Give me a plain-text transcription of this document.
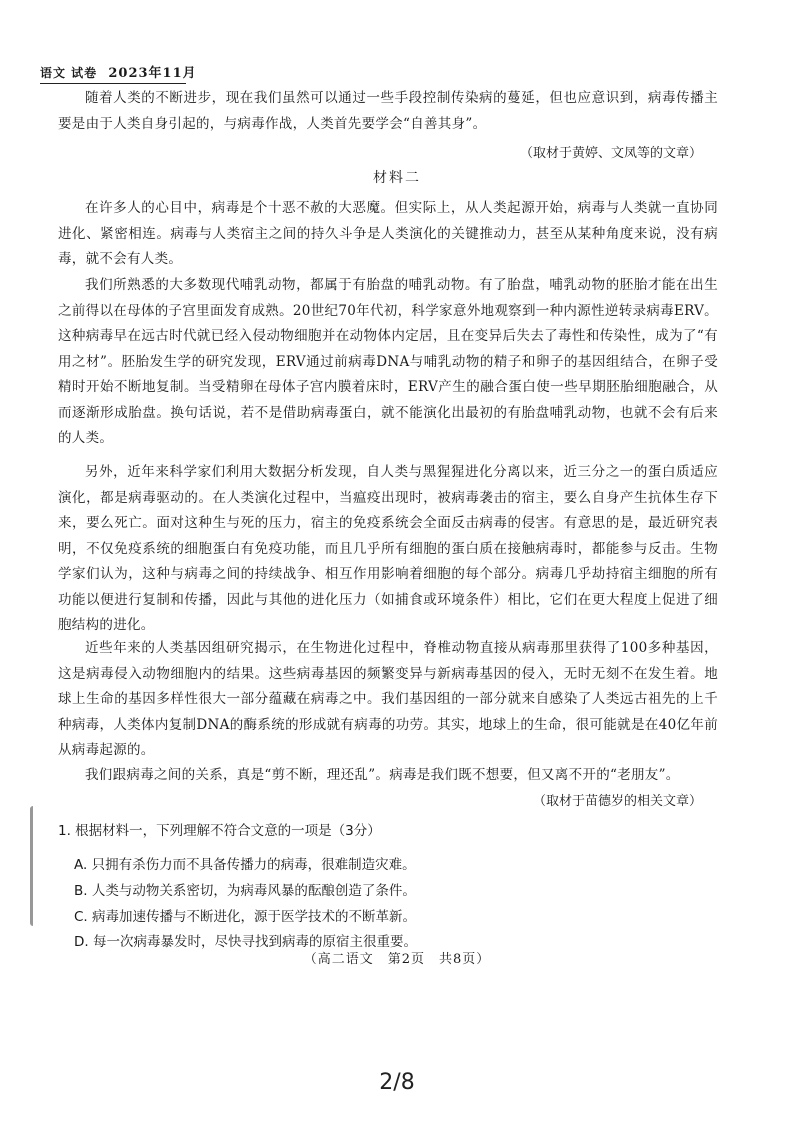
语文 试卷 2023年11月
随着人类的不断进步，现在我们虽然可以通过一些手段控制传染病的蔓延，但也应意识到，病毒传播主要是由于人类自身引起的，与病毒作战，人类首先要学会“自善其身”。
（取材于黄婷、文凤等的文章）
材料二
在许多人的心目中，病毒是个十恶不赦的大恶魔。但实际上，从人类起源开始，病毒与人类就一直协同进化、紧密相连。病毒与人类宿主之间的持久斗争是人类演化的关键推动力，甚至从某种角度来说，没有病毒，就不会有人类。
我们所熟悉的大多数现代哺乳动物，都属于有胎盘的哺乳动物。有了胎盘，哺乳动物的胚胎才能在出生之前得以在母体的子宫里面发育成熟。20世纪70年代初，科学家意外地观察到一种内源性逆转录病毒ERV。这种病毒早在远古时代就已经入侵动物细胞并在动物体内定居，且在变异后失去了毒性和传染性，成为了“有用之材”。胚胎发生学的研究发现，ERV通过前病毒DNA与哺乳动物的精子和卵子的基因组结合，在卵子受精时开始不断地复制。当受精卵在母体子宫内膜着床时，ERV产生的融合蛋白使一些早期胚胎细胞融合，从而逐渐形成胎盘。换句话说，若不是借助病毒蛋白，就不能演化出最初的有胎盘哺乳动物，也就不会有后来的人类。
另外，近年来科学家们利用大数据分析发现，自人类与黑猩猩进化分离以来，近三分之一的蛋白质适应演化，都是病毒驱动的。在人类演化过程中，当瘟疫出现时，被病毒袭击的宿主，要么自身产生抗体生存下来，要么死亡。面对这种生与死的压力，宿主的免疫系统会全面反击病毒的侵害。有意思的是，最近研究表明，不仅免疫系统的细胞蛋白有免疫功能，而且几乎所有细胞的蛋白质在接触病毒时，都能参与反击。生物学家们认为，这种与病毒之间的持续战争、相互作用影响着细胞的每个部分。病毒几乎劫持宿主细胞的所有功能以便进行复制和传播，因此与其他的进化压力（如捕食或环境条件）相比，它们在更大程度上促进了细胞结构的进化。
近些年来的人类基因组研究揭示，在生物进化过程中，脊椎动物直接从病毒那里获得了100多种基因，这是病毒侵入动物细胞内的结果。这些病毒基因的频繁变异与新病毒基因的侵入，无时无刻不在发生着。地球上生命的基因多样性很大一部分蕴藏在病毒之中。我们基因组的一部分就来自感染了人类远古祖先的上千种病毒，人类体内复制DNA的酶系统的形成就有病毒的功劳。其实，地球上的生命，很可能就是在40亿年前从病毒起源的。
我们跟病毒之间的关系，真是“剪不断，理还乱”。病毒是我们既不想要，但又离不开的“老朋友”。
（取材于苗德岁的相关文章）
1. 根据材料一，下列理解不符合文意的一项是（3分）
A. 只拥有杀伤力而不具备传播力的病毒，很难制造灾难。
B. 人类与动物关系密切，为病毒风暴的酝酿创造了条件。
C. 病毒加速传播与不断进化，源于医学技术的不断革新。
D. 每一次病毒暴发时，尽快寻找到病毒的原宿主很重要。
（高二语文　第2页　共8页）
2/8
